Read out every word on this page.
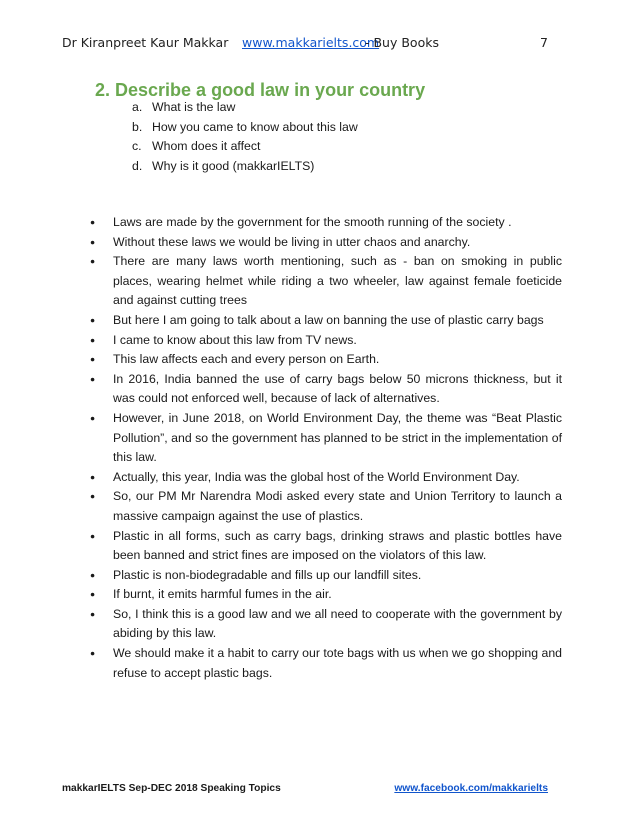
Dr Kiranpreet Kaur Makkar www.makkarielts.com
- Buy Books	7
2. Describe a good law in your country
a. What is the law
b. How you came to know about this law
c. Whom does it affect
d. Why is it good (makkarIELTS)
● Laws are made by the government for the smooth running of the society .
● Without these laws we would be living in utter chaos and anarchy.
● There are many laws worth mentioning, such as - ban on smoking in public places, wearing helmet while riding a two wheeler, law against female foeticide and against cutting trees
● But here I am going to talk about a law on banning the use of plastic carry bags
● I came to know about this law from TV news.
● This law affects each and every person on Earth.
● In 2016, India banned the use of carry bags below 50 microns thickness, but it was could not enforced well, because of lack of alternatives.
● However, in June 2018, on World Environment Day, the theme was “Beat Plastic Pollution”, and so the government has planned to be strict in the implementation of this law.
● Actually, this year, India was the global host of the World Environment Day.
● So, our PM Mr Narendra Modi asked every state and Union Territory to launch a massive campaign against the use of plastics.
● Plastic in all forms, such as carry bags, drinking straws and plastic bottles have been banned and strict fines are imposed on the violators of this law.
● Plastic is non-biodegradable and fills up our landfill sites.
● If burnt, it emits harmful fumes in the air.
● So, I think this is a good law and we all need to cooperate with the government by abiding by this law.
● We should make it a habit to carry our tote bags with us when we go shopping and refuse to accept plastic bags.
makkarIELTS Sep-DEC 2018 Speaking Topics	www.facebook.com/makkarielts
